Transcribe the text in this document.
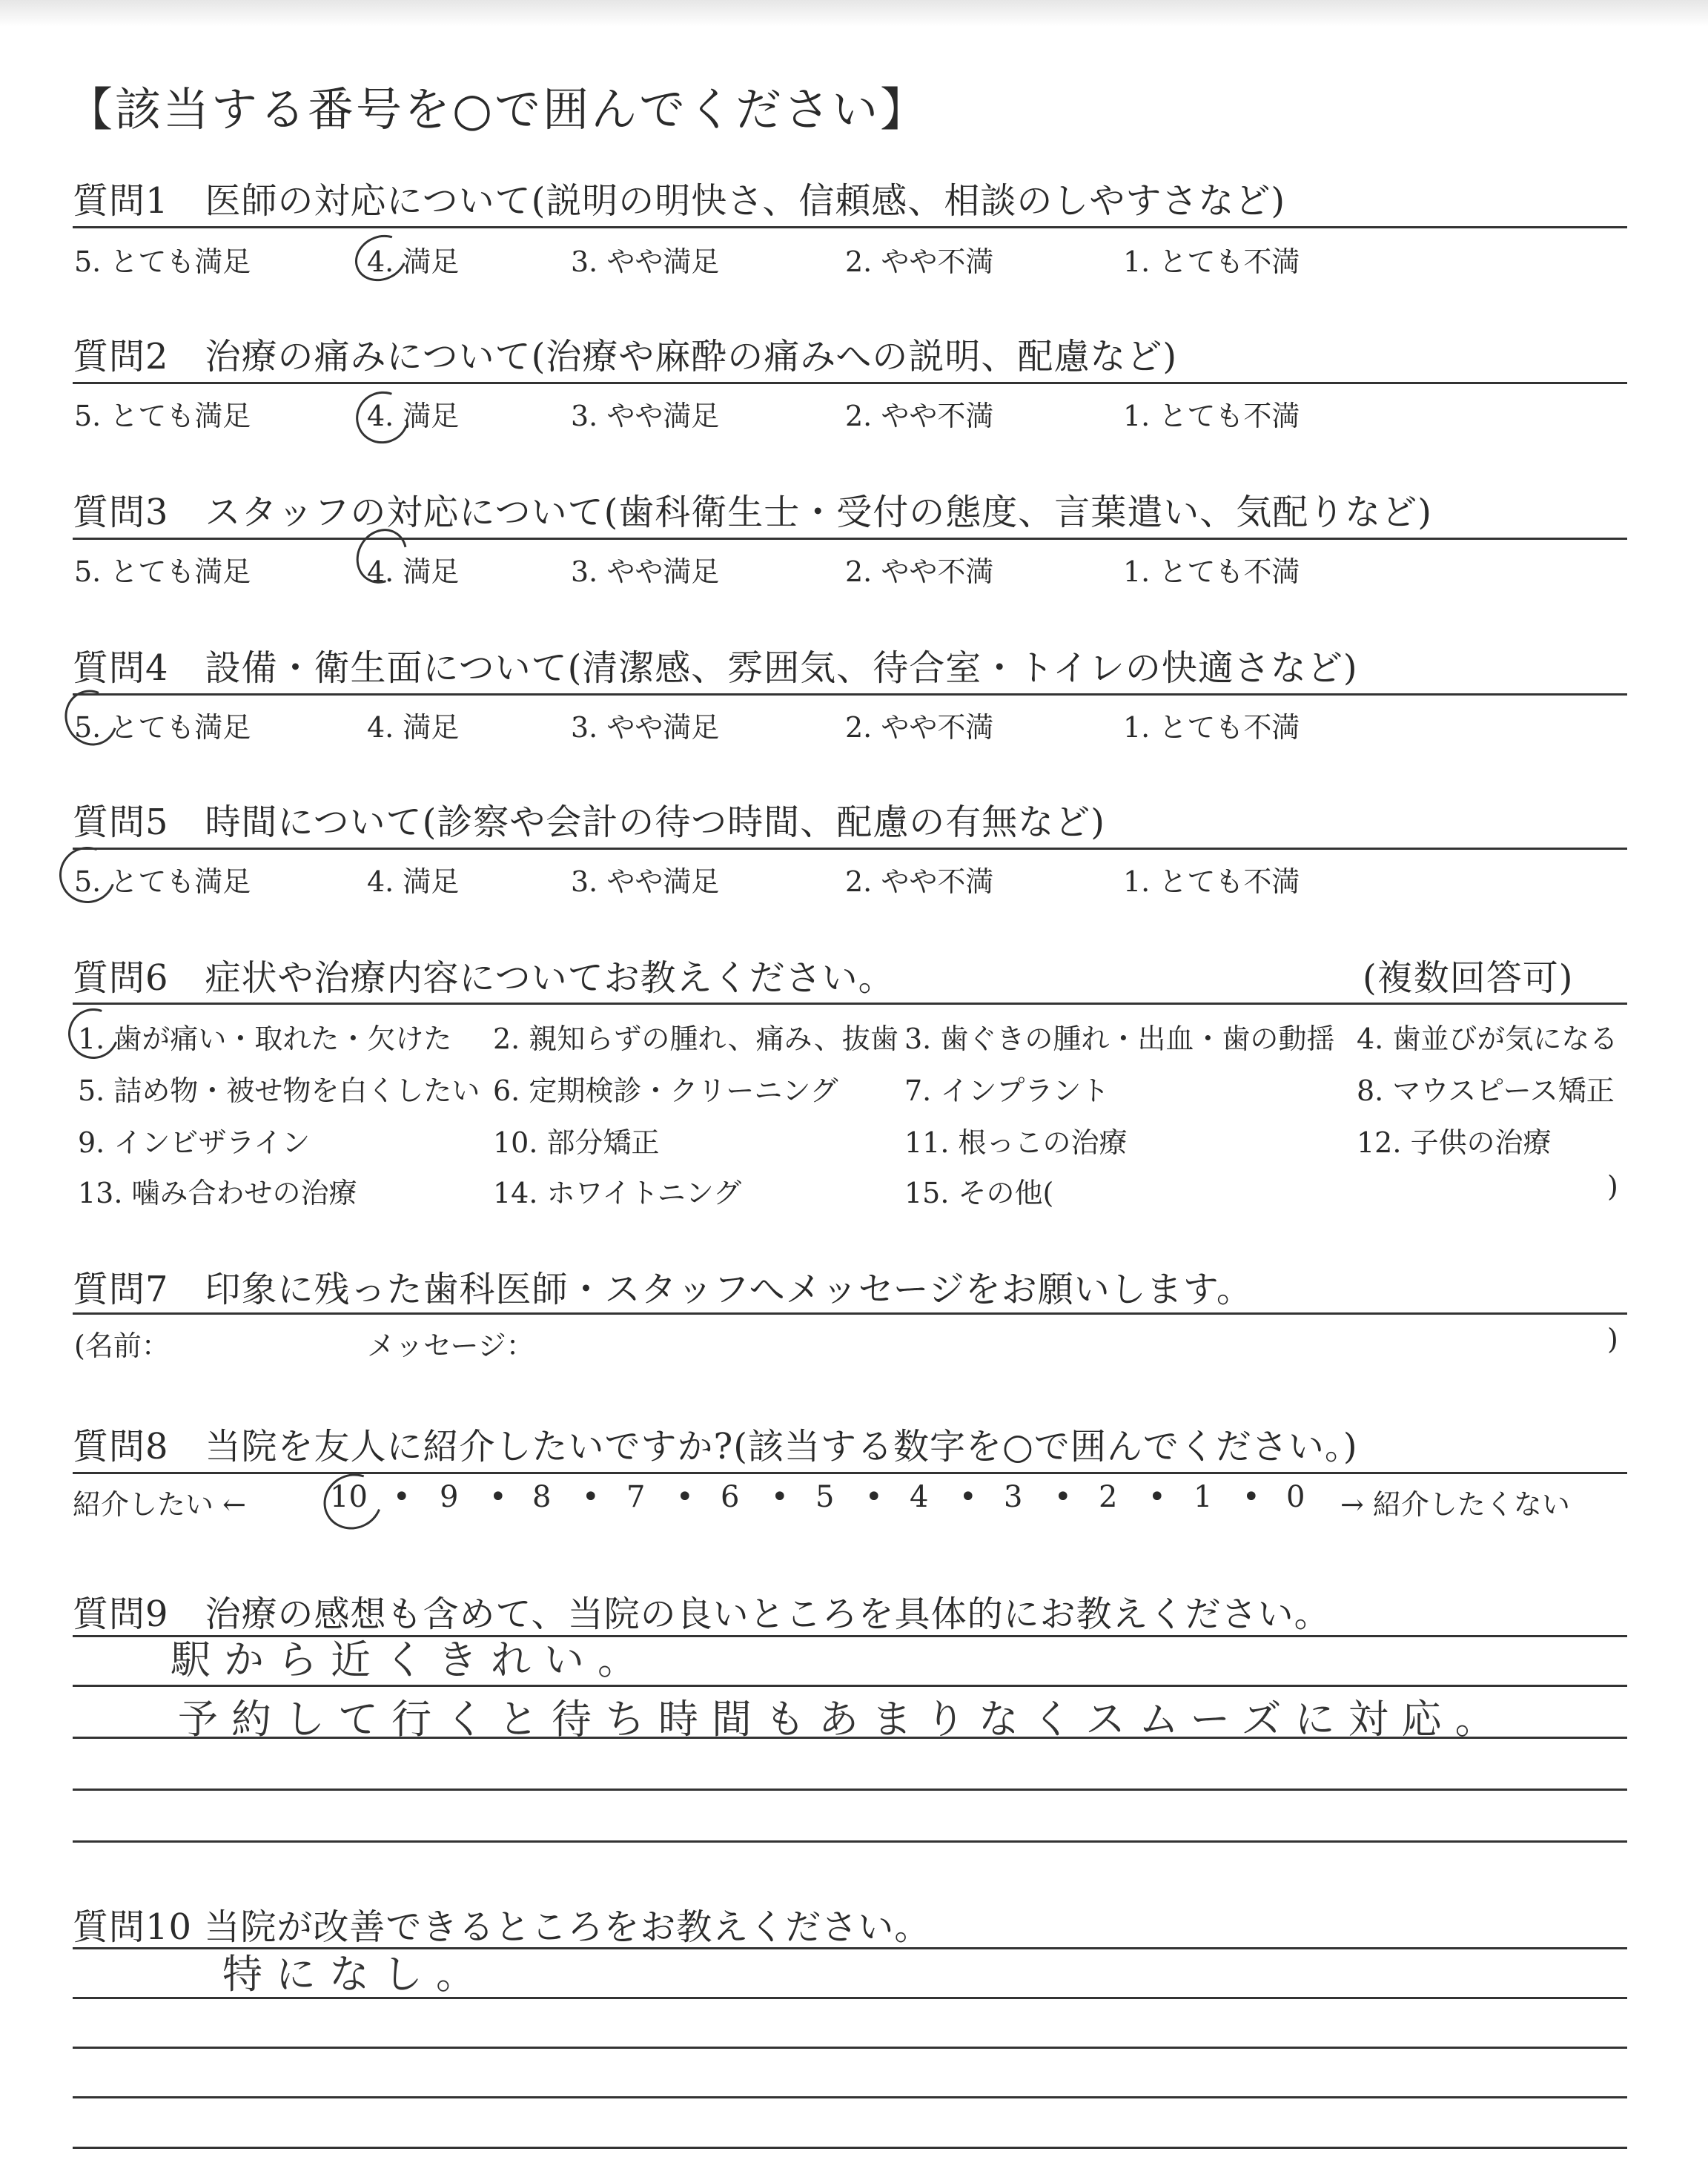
【該当する番号を○で囲んでください】
質問1　医師の対応について(説明の明快さ、信頼感、相談のしやすさなど)
5. とても満足	4. 満足	3. やや満足	2. やや不満	1. とても不満
質問2　治療の痛みについて(治療や麻酔の痛みへの説明、配慮など)
5. とても満足	4. 満足	3. やや満足	2. やや不満	1. とても不満
質問3　スタッフの対応について(歯科衛生士・受付の態度、言葉遣い、気配りなど)
5. とても満足	4. 満足	3. やや満足	2. やや不満	1. とても不満
質問4　設備・衛生面について(清潔感、雰囲気、待合室・トイレの快適さなど)
5. とても満足	4. 満足	3. やや満足	2. やや不満	1. とても不満
質問5　時間について(診察や会計の待つ時間、配慮の有無など)
5. とても満足	4. 満足	3. やや満足	2. やや不満	1. とても不満
質問6　症状や治療内容についてお教えください。	(複数回答可)
1. 歯が痛い・取れた・欠けた 2. 親知らずの腫れ、痛み、抜歯 3. 歯ぐきの腫れ・出血・歯の動揺 4. 歯並びが気になる
5. 詰め物・被せ物を白くしたい 6. 定期検診・クリーニング 7. インプラント	8. マウスピース矯正
9. インビザライン	10. 部分矯正	11. 根っこの治療	12. 子供の治療
13. 噛み合わせの治療	14. ホワイトニング	15. その他(	)
質問7　印象に残った歯科医師・スタッフへメッセージをお願いします。
(名前：	メッセージ：	)
質問8　当院を友人に紹介したいですか?(該当する数字を○で囲んでください。)
紹介したい ←	10 9 8	7	6	5	4	3	2	1 0
•	•	•	•	•	•	•	•	•	•	→ 紹介したくない
質問9　治療の感想も含めて、当院の良いところを具体的にお教えください。
駅から近くきれい。
予約して行くと待ち時間もあまりなくスムーズに対応。
質問10 当院が改善できるところをお教えください。
特になし。
